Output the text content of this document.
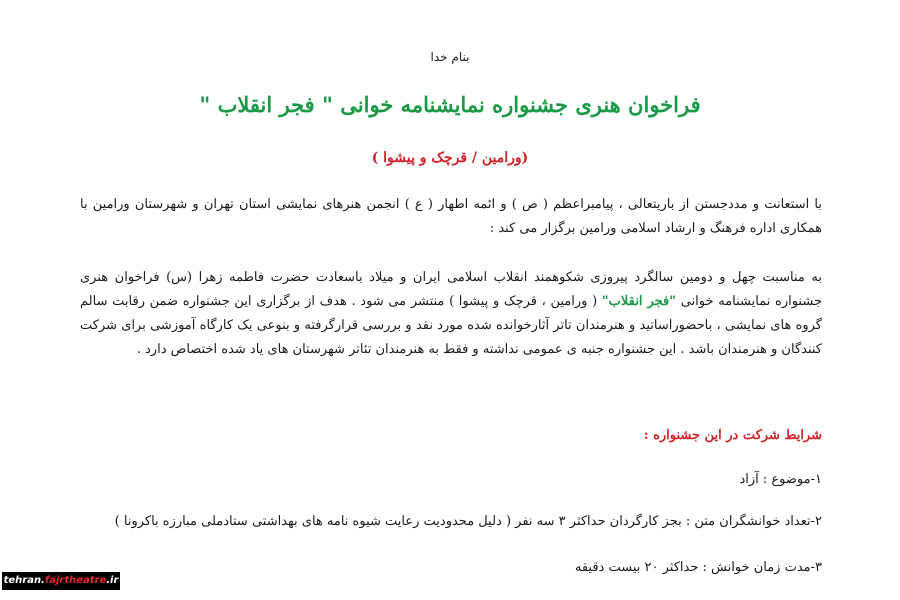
بنام خدا
فراخوان هنری جشنواره نمایشنامه خوانی " فجر انقلاب "
(ورامین / قرچک و پیشوا )
با استعانت و مددجستن از باریتعالی ، پیامبراعظم ( ص ) و ائمه اطهار ( ع ) انجمن هنرهای نمایشی استان تهران و شهرستان ورامین با همکاری اداره فرهنگ و ارشاد اسلامی ورامین برگزار می کند :
به مناسبت چهل و دومین سالگرد پیروزی شکوهمند انقلاب اسلامی ایران و میلاد باسعادت حضرت فاطمه زهرا (س) فراخوان هنری جشنواره نمایشنامه خوانی "فجر انقلاب" ( ورامین ، قرچک و پیشوا ) منتشر می شود . هدف از برگزاری این جشنواره ضمن رقابت سالم گروه های نمایشی ، باحضوراساتید و هنرمندان تاتر آثارخوانده شده مورد نقد و بررسی قرارگرفته و بنوعی یک کارگاه آموزشی برای شرکت کنندگان و هنرمندان باشد . این جشنواره جنبه ی عمومی نداشته و فقط به هنرمندان تئاتر شهرستان های یاد شده اختصاص دارد .
شرایط شرکت در این جشنواره :
۱-موضوع : آزاد
۲-تعداد خوانشگران متن : بجز کارگردان حداکثر ۳ سه نفر ( دلیل محدودیت رعایت شیوه نامه های بهداشتی ستادملی مبارزه باکرونا )
۳-مدت زمان خوانش : حداکثر ۲۰ بیست دقیقه
tehran.fajrtheatre.ir
